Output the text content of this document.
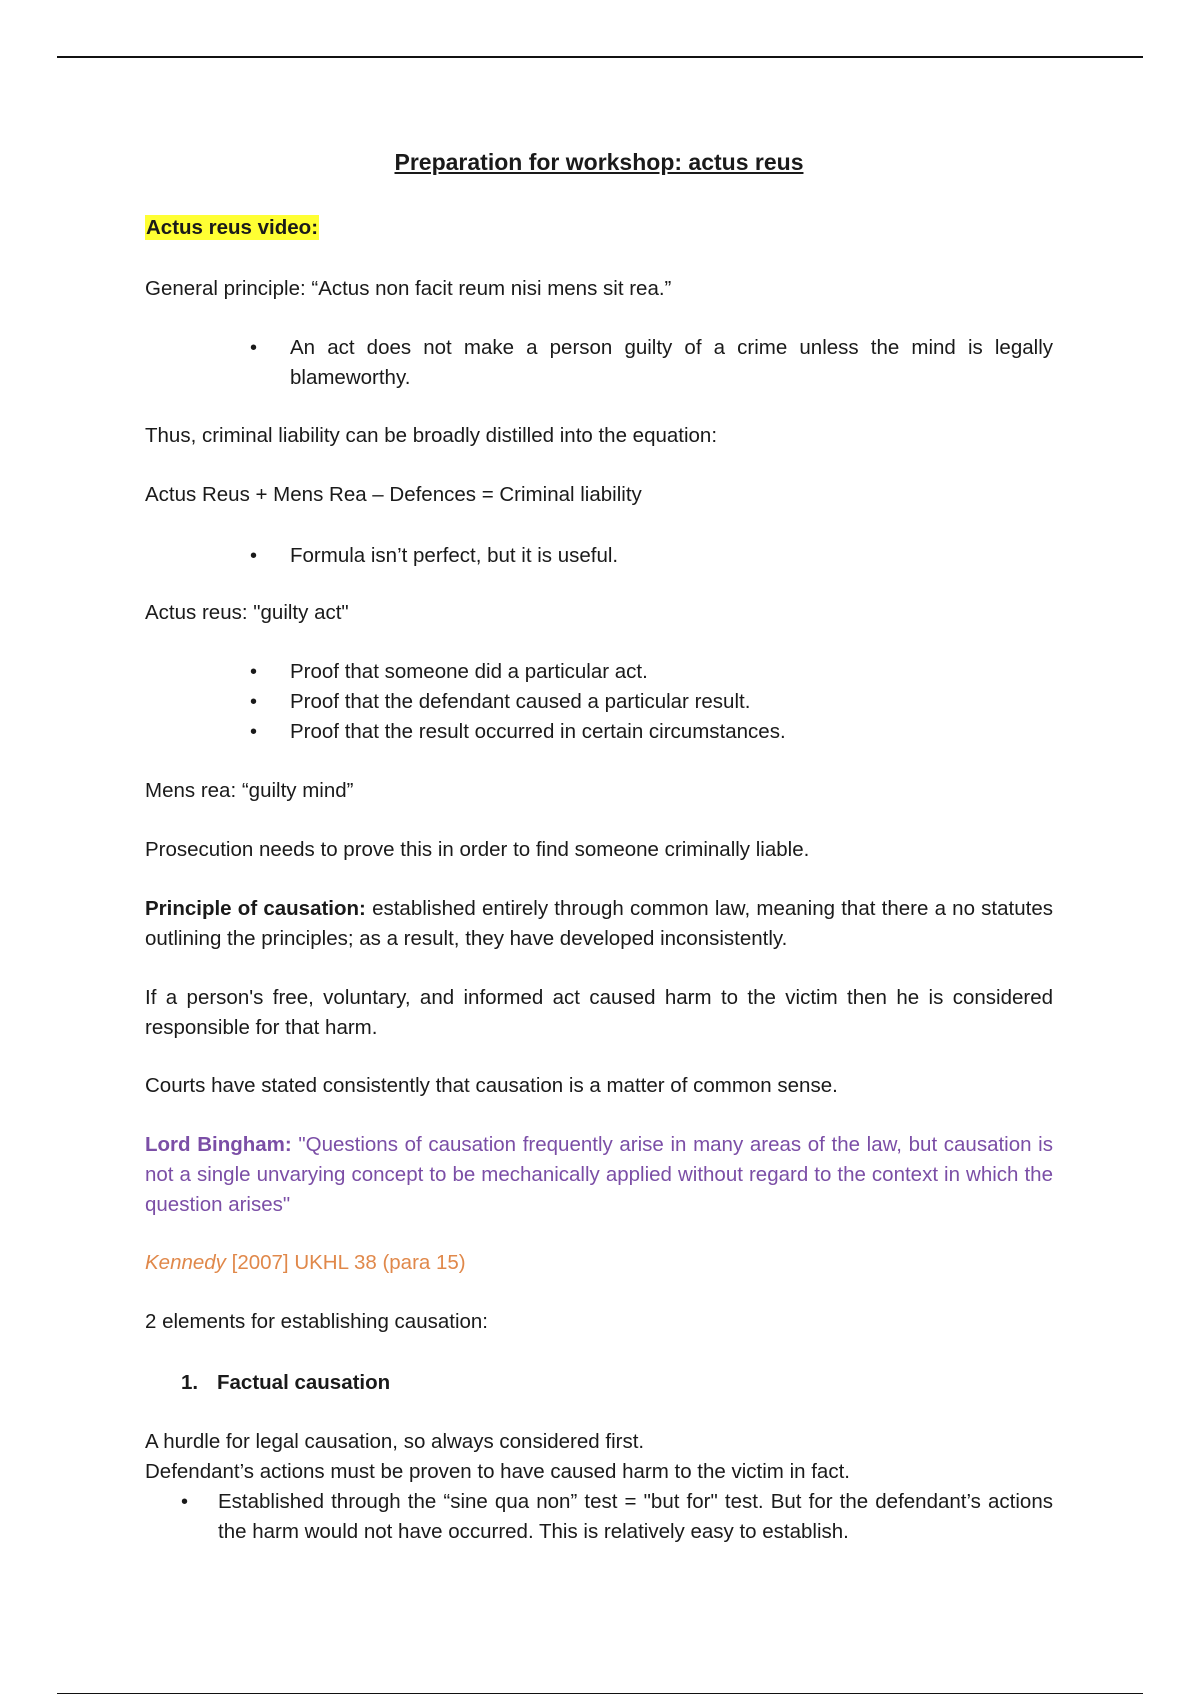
Preparation for workshop: actus reus
Actus reus video:
General principle: “Actus non facit reum nisi mens sit rea.”
• An act does not make a person guilty of a crime unless the mind is legally blameworthy.
Thus, criminal liability can be broadly distilled into the equation:
Actus Reus + Mens Rea – Defences = Criminal liability
• Formula isn’t perfect, but it is useful.
Actus reus: "guilty act"
• Proof that someone did a particular act.
• Proof that the defendant caused a particular result.
• Proof that the result occurred in certain circumstances.
Mens rea: “guilty mind”
Prosecution needs to prove this in order to find someone criminally liable.
Principle of causation: established entirely through common law, meaning that there a no statutes outlining the principles; as a result, they have developed inconsistently.
If a person's free, voluntary, and informed act caused harm to the victim then he is considered responsible for that harm.
Courts have stated consistently that causation is a matter of common sense.
Lord Bingham: "Questions of causation frequently arise in many areas of the law, but causation is not a single unvarying concept to be mechanically applied without regard to the context in which the question arises"
Kennedy [2007] UKHL 38 (para 15)
2 elements for establishing causation:
1. Factual causation
A hurdle for legal causation, so always considered first.
Defendant’s actions must be proven to have caused harm to the victim in fact.
• Established through the “sine qua non” test = "but for" test. But for the defendant’s actions the harm would not have occurred. This is relatively easy to establish.
